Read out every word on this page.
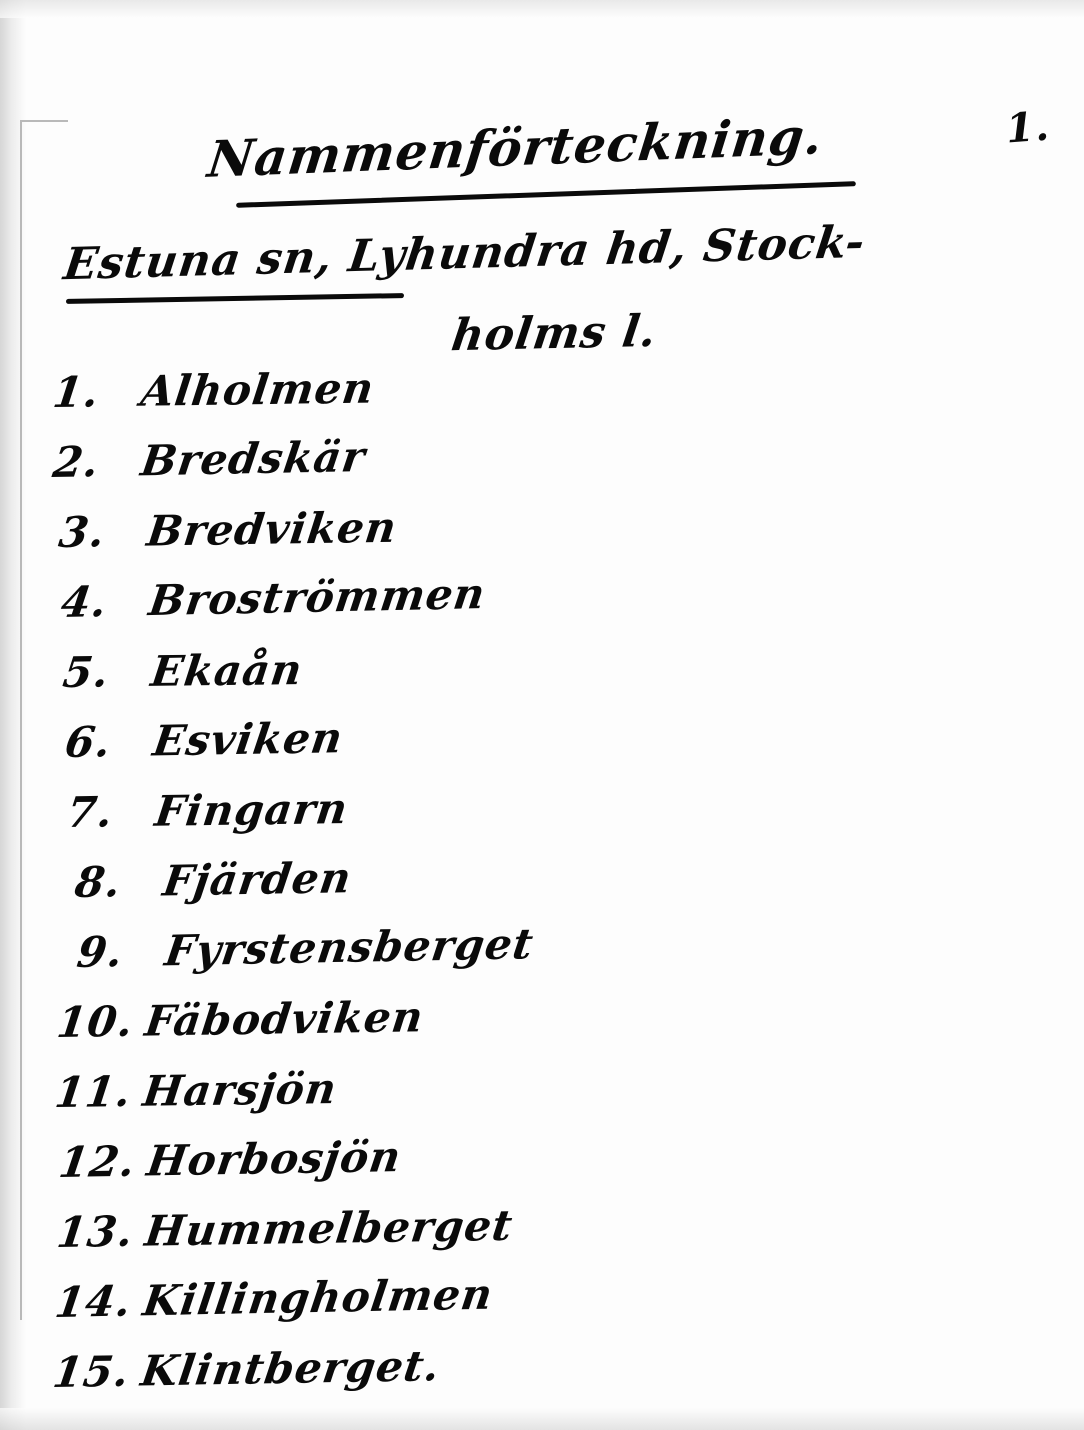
1.
Nammenförteckning.
Estuna sn, Lyhundra hd, Stock-
holms l.
1. Alholmen
2. Bredskär
3. Bredviken
4. Broströmmen
5. Ekaån
6. Esviken
7. Fingarn
8. Fjärden
9. Fyrstensberget
10. Fäbodviken
11. Harsjön
12. Horbosjön
13. Hummelberget
14. Killingholmen
15. Klintberget.
